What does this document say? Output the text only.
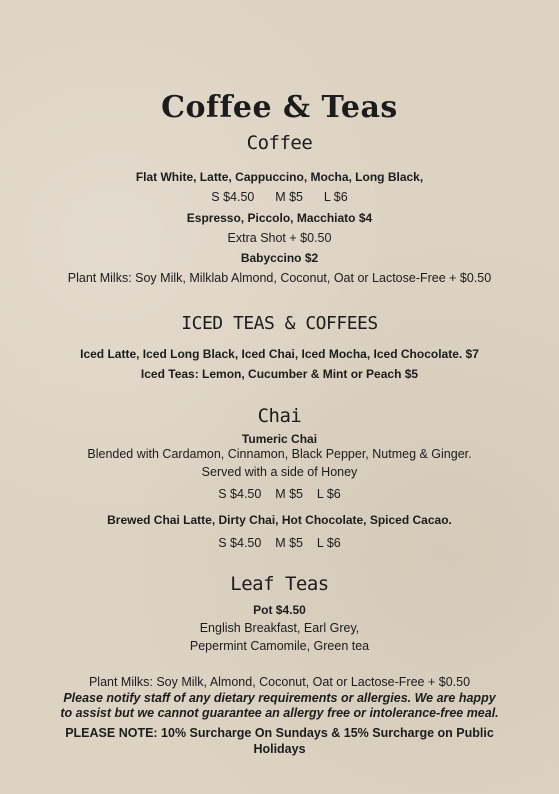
Coffee & Teas
Coffee
Flat White, Latte, Cappuccino, Mocha, Long Black,
S $4.50      M $5      L $6
Espresso, Piccolo, Macchiato $4
Extra Shot + $0.50
Babyccino $2
Plant Milks: Soy Milk, Milklab Almond, Coconut, Oat or Lactose-Free + $0.50
ICED TEAS & COFFEES
Iced Latte, Iced Long Black, Iced Chai, Iced Mocha, Iced Chocolate. $7
Iced Teas: Lemon, Cucumber & Mint or Peach $5
Chai
Tumeric Chai
Blended with Cardamon, Cinnamon, Black Pepper, Nutmeg & Ginger.
Served with a side of Honey
S $4.50    M $5    L $6
Brewed Chai Latte, Dirty Chai, Hot Chocolate, Spiced Cacao.
S $4.50    M $5    L $6
Leaf Teas
Pot $4.50
English Breakfast, Earl Grey,
Pepermint Camomile, Green tea
Plant Milks: Soy Milk, Almond, Coconut, Oat or Lactose-Free + $0.50
Please notify staff of any dietary requirements or allergies. We are happy
to assist but we cannot guarantee an allergy free or intolerance-free meal.
PLEASE NOTE: 10% Surcharge On Sundays & 15% Surcharge on Public Holidays
